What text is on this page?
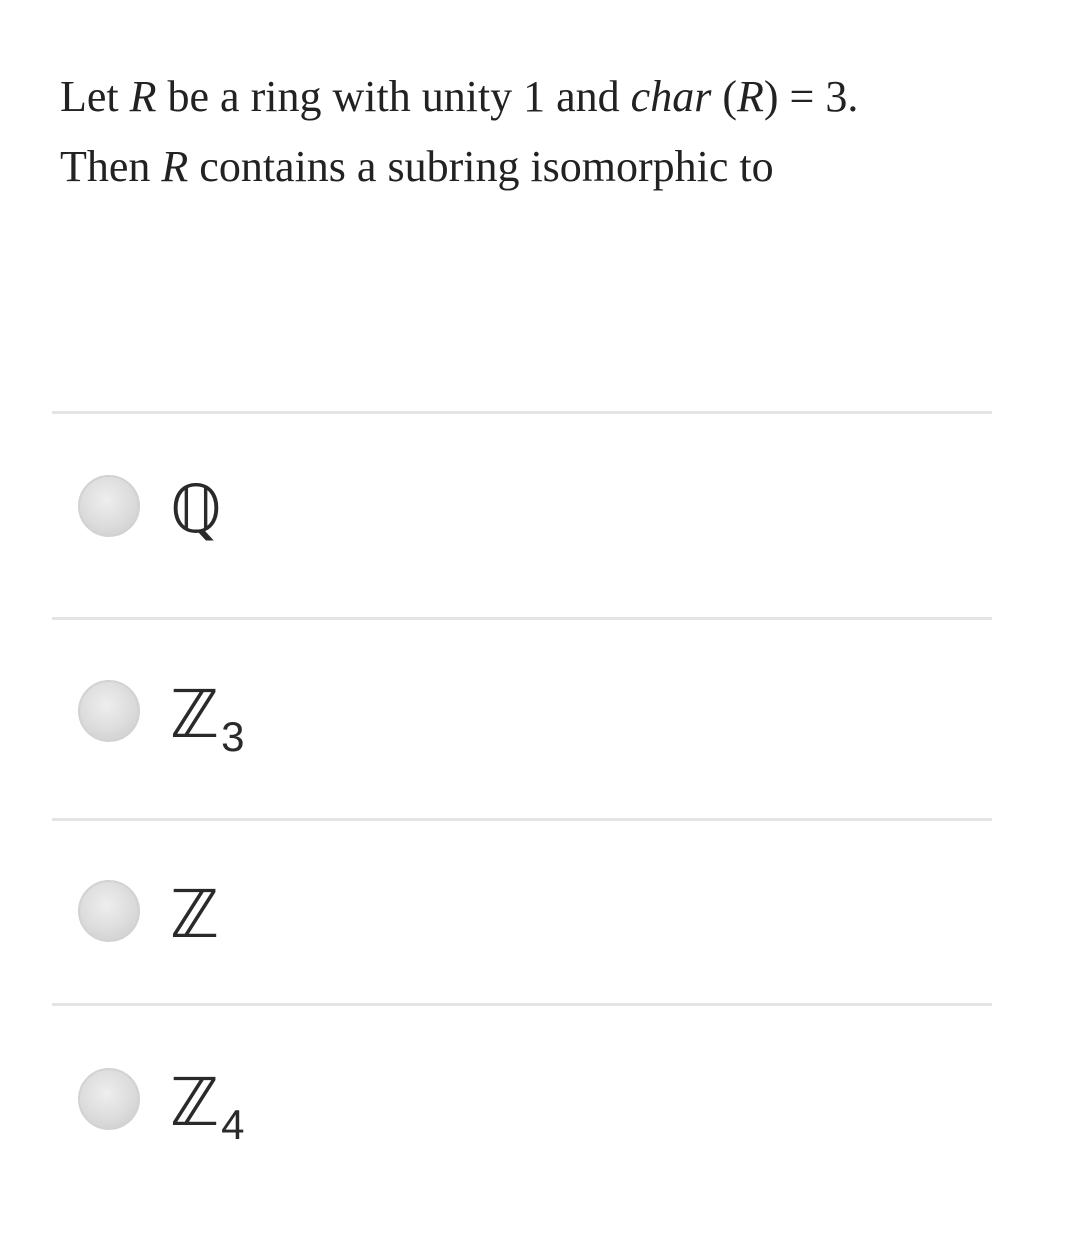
Let R be a ring with unity 1 and char (R) = 3.
Then R contains a subring isomorphic to
ℚ
ℤ 3
ℤ
ℤ 4
